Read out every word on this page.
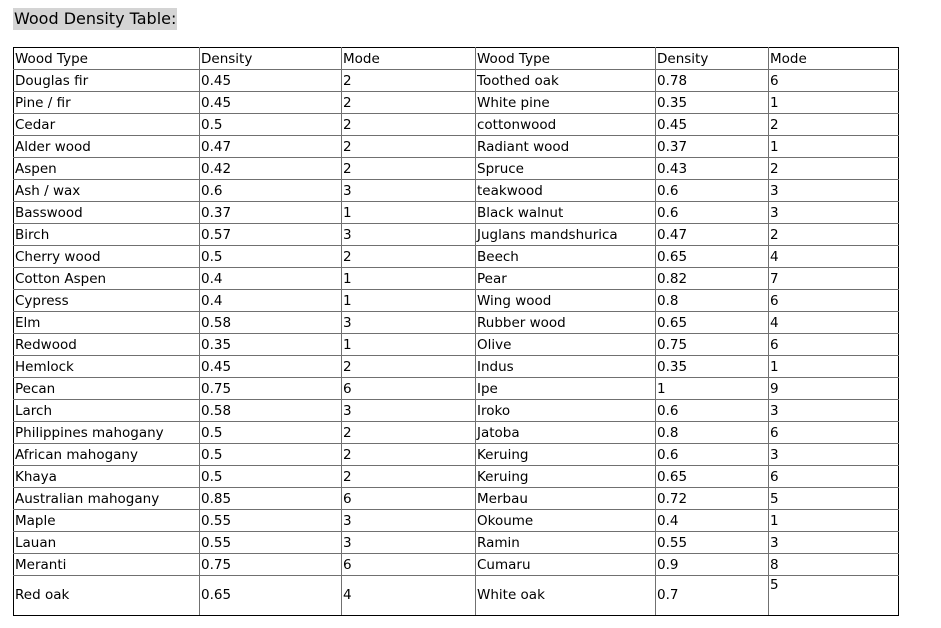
Wood Density Table:
Wood Type	Density	Mode	Wood Type	Density	Mode
Douglas fir	0.45	2	Toothed oak	0.78	6
Pine / fir	0.45	2	White pine	0.35	1
Cedar	0.5	2	cottonwood	0.45	2
Alder wood	0.47	2	Radiant wood	0.37	1
Aspen	0.42	2	Spruce	0.43	2
Ash / wax	0.6	3	teakwood	0.6	3
Basswood	0.37	1	Black walnut	0.6	3
Birch	0.57	3	Juglans mandshurica	0.47	2
Cherry wood	0.5	2	Beech	0.65	4
Cotton Aspen	0.4	1	Pear	0.82	7
Cypress	0.4	1	Wing wood	0.8	6
Elm	0.58	3	Rubber wood	0.65	4
Redwood	0.35	1	Olive	0.75	6
Hemlock	0.45	2	Indus	0.35	1
Pecan	0.75	6	Ipe	1	9
Larch	0.58	3	Iroko	0.6	3
Philippines mahogany	0.5	2	Jatoba	0.8	6
African mahogany	0.5	2	Keruing	0.6	3
Khaya	0.5	2	Keruing	0.65	6
Australian mahogany	0.85	6	Merbau	0.72	5
Maple	0.55	3	Okoume	0.4	1
Lauan	0.55	3	Ramin	0.55	3
Meranti	0.75	6	Cumaru	0.9	8
Red oak	0.65	4	White oak	0.7	5
